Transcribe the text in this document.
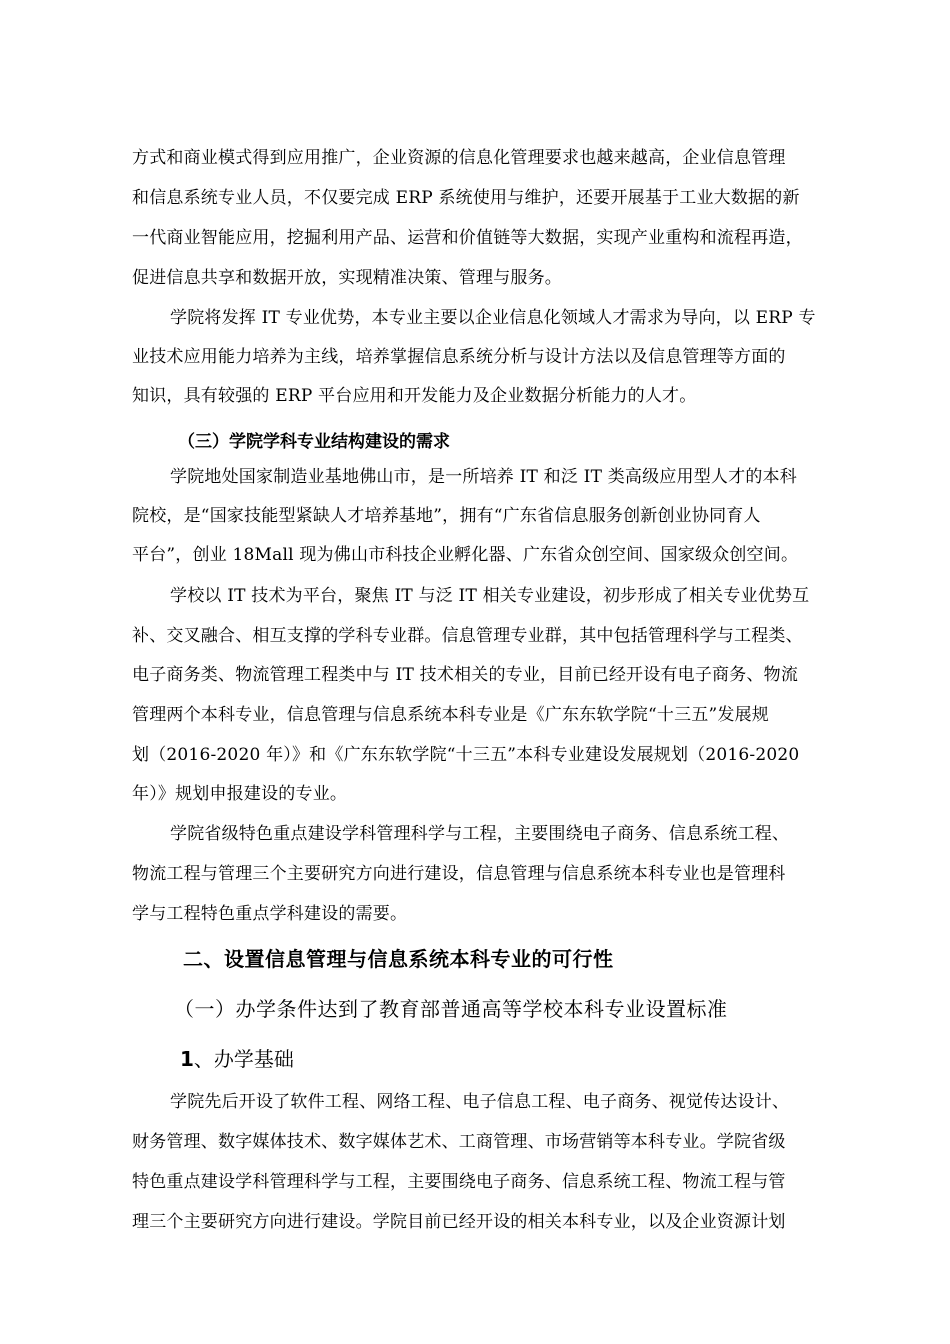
方式和商业模式得到应用推广，企业资源的信息化管理要求也越来越高，企业信息管理
和信息系统专业人员，不仅要完成 ERP 系统使用与维护，还要开展基于工业大数据的新
一代商业智能应用，挖掘利用产品、运营和价值链等大数据，实现产业重构和流程再造，
促进信息共享和数据开放，实现精准决策、管理与服务。
学院将发挥 IT 专业优势，本专业主要以企业信息化领域人才需求为导向，以 ERP 专
业技术应用能力培养为主线，培养掌握信息系统分析与设计方法以及信息管理等方面的
知识，具有较强的 ERP 平台应用和开发能力及企业数据分析能力的人才。
（三）学院学科专业结构建设的需求
学院地处国家制造业基地佛山市，是一所培养 IT 和泛 IT 类高级应用型人才的本科
院校，是“国家技能型紧缺人才培养基地”，拥有“广东省信息服务创新创业协同育人
平台”，创业 18Mall 现为佛山市科技企业孵化器、广东省众创空间、国家级众创空间。
学校以 IT 技术为平台，聚焦 IT 与泛 IT 相关专业建设，初步形成了相关专业优势互
补、交叉融合、相互支撑的学科专业群。信息管理专业群，其中包括管理科学与工程类、
电子商务类、物流管理工程类中与 IT 技术相关的专业，目前已经开设有电子商务、物流
管理两个本科专业，信息管理与信息系统本科专业是《广东东软学院“十三五”发展规
划（2016-2020 年）》和《广东东软学院“十三五”本科专业建设发展规划（2016-2020
年）》规划申报建设的专业。
学院省级特色重点建设学科管理科学与工程，主要围绕电子商务、信息系统工程、
物流工程与管理三个主要研究方向进行建设，信息管理与信息系统本科专业也是管理科
学与工程特色重点学科建设的需要。
二、设置信息管理与信息系统本科专业的可行性
（一）办学条件达到了教育部普通高等学校本科专业设置标准
1、办学基础
学院先后开设了软件工程、网络工程、电子信息工程、电子商务、视觉传达设计、
财务管理、数字媒体技术、数字媒体艺术、工商管理、市场营销等本科专业。学院省级
特色重点建设学科管理科学与工程，主要围绕电子商务、信息系统工程、物流工程与管
理三个主要研究方向进行建设。学院目前已经开设的相关本科专业，以及企业资源计划
